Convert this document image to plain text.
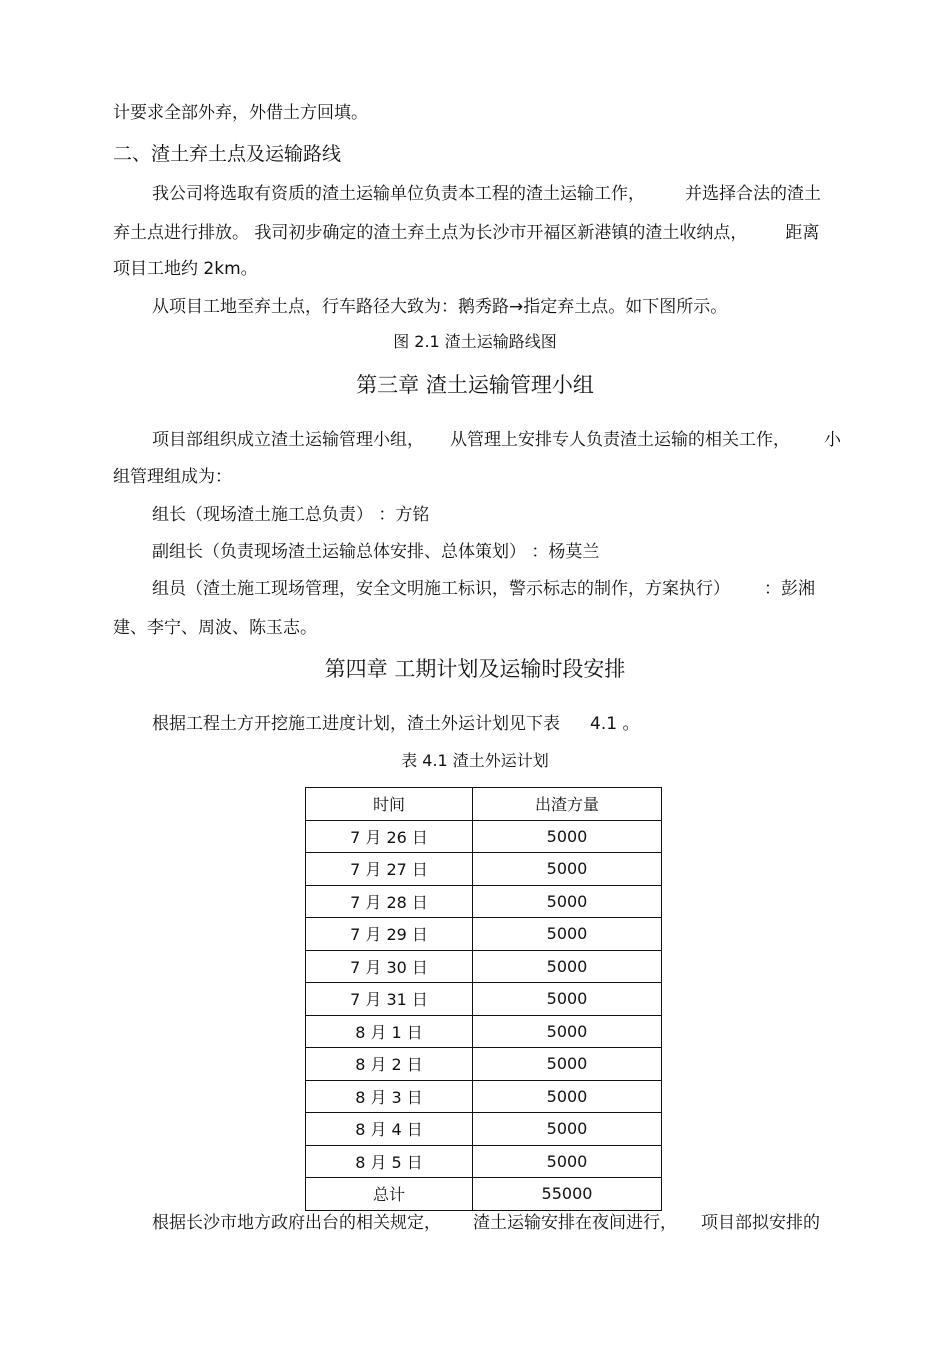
计要求全部外弃，外借土方回填。
二、渣土弃土点及运输路线
我公司将选取有资质的渣土运输单位负责本工程的渣土运输工作， 并选择合法的渣土
弃土点进行排放。 我司初步确定的渣土弃土点为长沙市开福区新港镇的渣土收纳点， 距离
项目工地约 2km。
从项目工地至弃土点，行车路径大致为：鹅秀路→指定弃土点。如下图所示。
图 2.1 渣土运输路线图
第三章 渣土运输管理小组
项目部组织成立渣土运输管理小组， 从管理上安排专人负责渣土运输的相关工作， 小
组管理组成为：
组长（现场渣土施工总负责） ：方铭
副组长（负责现场渣土运输总体安排、总体策划） ：杨莫兰
组员（渣土施工现场管理，安全文明施工标识，警示标志的制作，方案执行） ：彭湘
建、李宁、周波、陈玉志。
第四章 工期计划及运输时段安排
根据工程土方开挖施工进度计划，渣土外运计划见下表 4.1 。
表 4.1 渣土外运计划
时间	出渣方量
7 月 26 日	5000
7 月 27 日	5000
7 月 28 日	5000
7 月 29 日	5000
7 月 30 日	5000
7 月 31 日	5000
8 月 1 日	5000
8 月 2 日	5000
8 月 3 日	5000
8 月 4 日	5000
8 月 5 日	5000
总计	55000
根据长沙市地方政府出台的相关规定， 渣土运输安排在夜间进行， 项目部拟安排的
